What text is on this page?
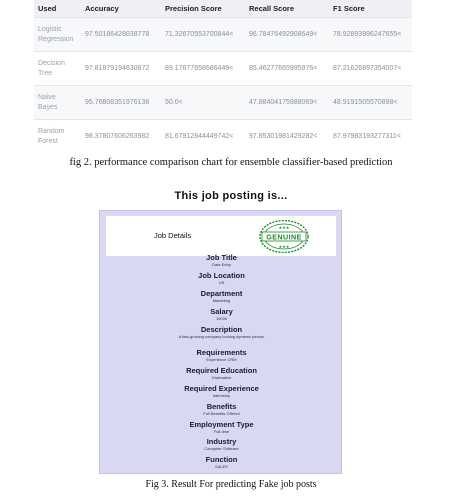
Used	Accuracy	Precision Score	Recall Score	F1 Score
Logistic Regression	97.50186428038778	71.32670553700844<	96.78476492908649<	78.92893996247655<
Decision Tree	97.81879194630872	89.17677658586449<	85.46277665995976<	87.21626897354007<
Naive Bayes	95.76808351976138	50.0<	47.88404175988069<	48.9191505570898<
Random Forest	98.37807606263982	81.67912844449742<	97.85301981429282<	87.97983193277311<
fig 2. performance comparison chart for ensemble classifier-based prediction
This job posting is...
Job Details	GENUINE
★★★
★★★
Job Title
Data Entry
Job Location
US
Department
Marketing
Salary
15000
Description
A fast-growing company looking dynamic person
Requirements
Experience CRM
Required Education
Graduation
Required Experience
Internship
Benefits
Full Benefits Offered
Employment Type
Full-time
Industry
Computer Software
Function
SALES
Fig 3. Result For predicting Fake job posts
